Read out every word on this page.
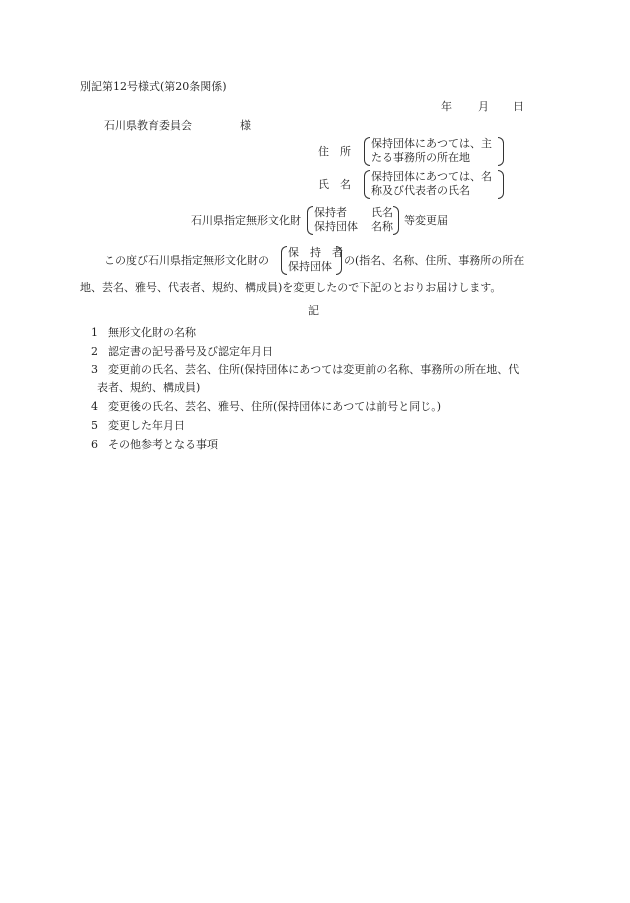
別記第12号様式(第20条関係)
年 月 日
石川県教育委員会	様
住　所
保持団体にあつては、主
たる事務所の所在地
氏　名
保持団体にあつては、名
称及び代表者の氏名
石川県指定無形文化財
保持者 氏名
保持団体 名称 等変更届
この度び石川県指定無形文化財の
保　持　者
保持団体 の(指名、名称、住所、事務所の所在
地、芸名、雅号、代表者、規約、構成員)を変更したので下記のとおりお届けします。
記
1 無形文化財の名称
2 認定書の記号番号及び認定年月日
3 変更前の氏名、芸名、住所(保持団体にあつては変更前の名称、事務所の所在地、代
表者、規約、構成員)
4 変更後の氏名、芸名、雅号、住所(保持団体にあつては前号と同じ。)
5 変更した年月日
6 その他参考となる事項
